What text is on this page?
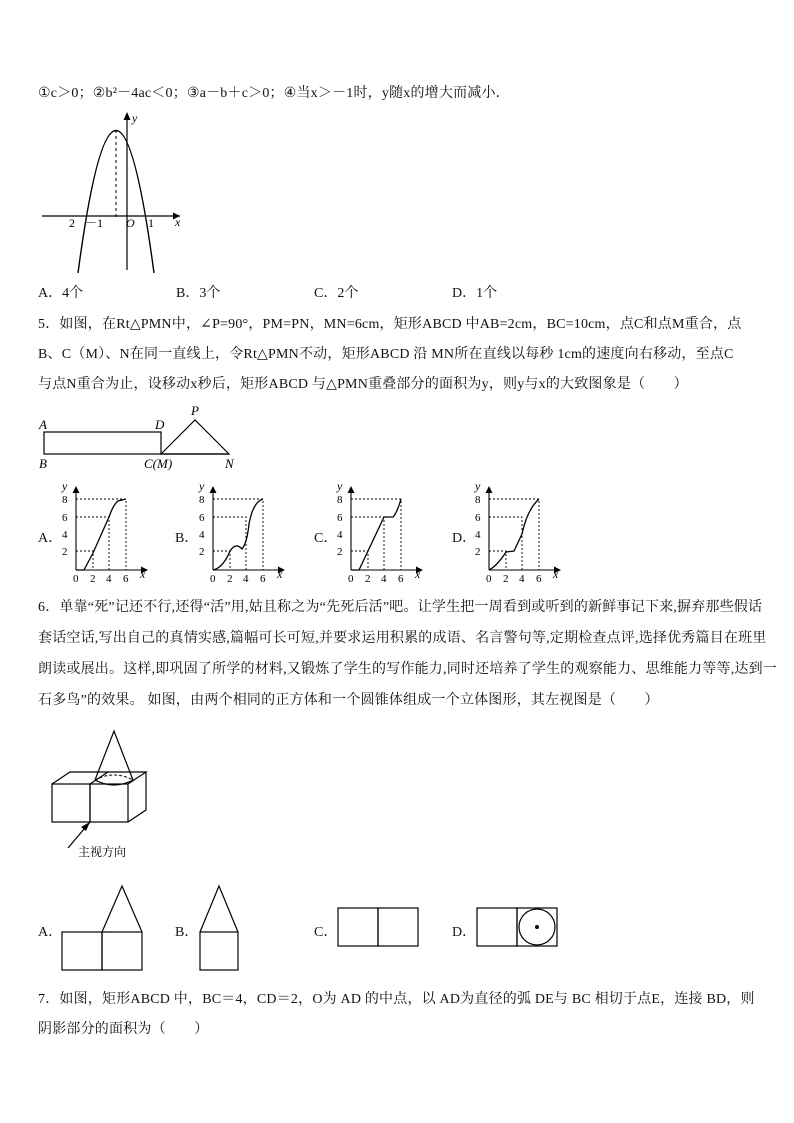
①c＞0；②b²－4ac＜0；③a－b＋c＞0；④当x＞－1时，y随x的增大而减小．
y
x
O
2 －1	1
A．4个	B．3个	C．2个	D．1个
5．如图，在Rt△PMN中，∠P=90°，PM=PN，MN=6cm，矩形ABCD 中AB=2cm，BC=10cm，点C和点M重合，点
B、C（M）、N在同一直线上，令Rt△PMN不动，矩形ABCD 沿 MN所在直线以每秒 1cm的速度向右移动，至点C
与点N重合为止，设移动x秒后，矩形ABCD 与△PMN重叠部分的面积为y，则y与x的大致图象是（　　）
A	D
B	C(M)	N
P
A．	B．	C．	D．
8
6
4
2
0 2 4 6
y
x
8
6
4
2
0 2 4 6
y
x
8
6
4
2
0 2 4 6
y
x
8
6
4
2
0 2 4 6
y
x
6．单靠“死”记还不行,还得“活”用,姑且称之为“先死后活”吧。让学生把一周看到或听到的新鲜事记下来,摒弃那些假话
套话空话,写出自己的真情实感,篇幅可长可短,并要求运用积累的成语、名言警句等,定期检查点评,选择优秀篇目在班里
朗读或展出。这样,即巩固了所学的材料,又锻炼了学生的写作能力,同时还培养了学生的观察能力、思维能力等等,达到一
石多鸟”的效果。 如图，由两个相同的正方体和一个圆锥体组成一个立体图形，其左视图是（　　）
主视方向
A．	B．	C．	D．
7．如图，矩形ABCD 中，BC＝4，CD＝2，O为 AD 的中点，以 AD为直径的弧 DE与 BC 相切于点E，连接 BD，则
阴影部分的面积为（　　）
